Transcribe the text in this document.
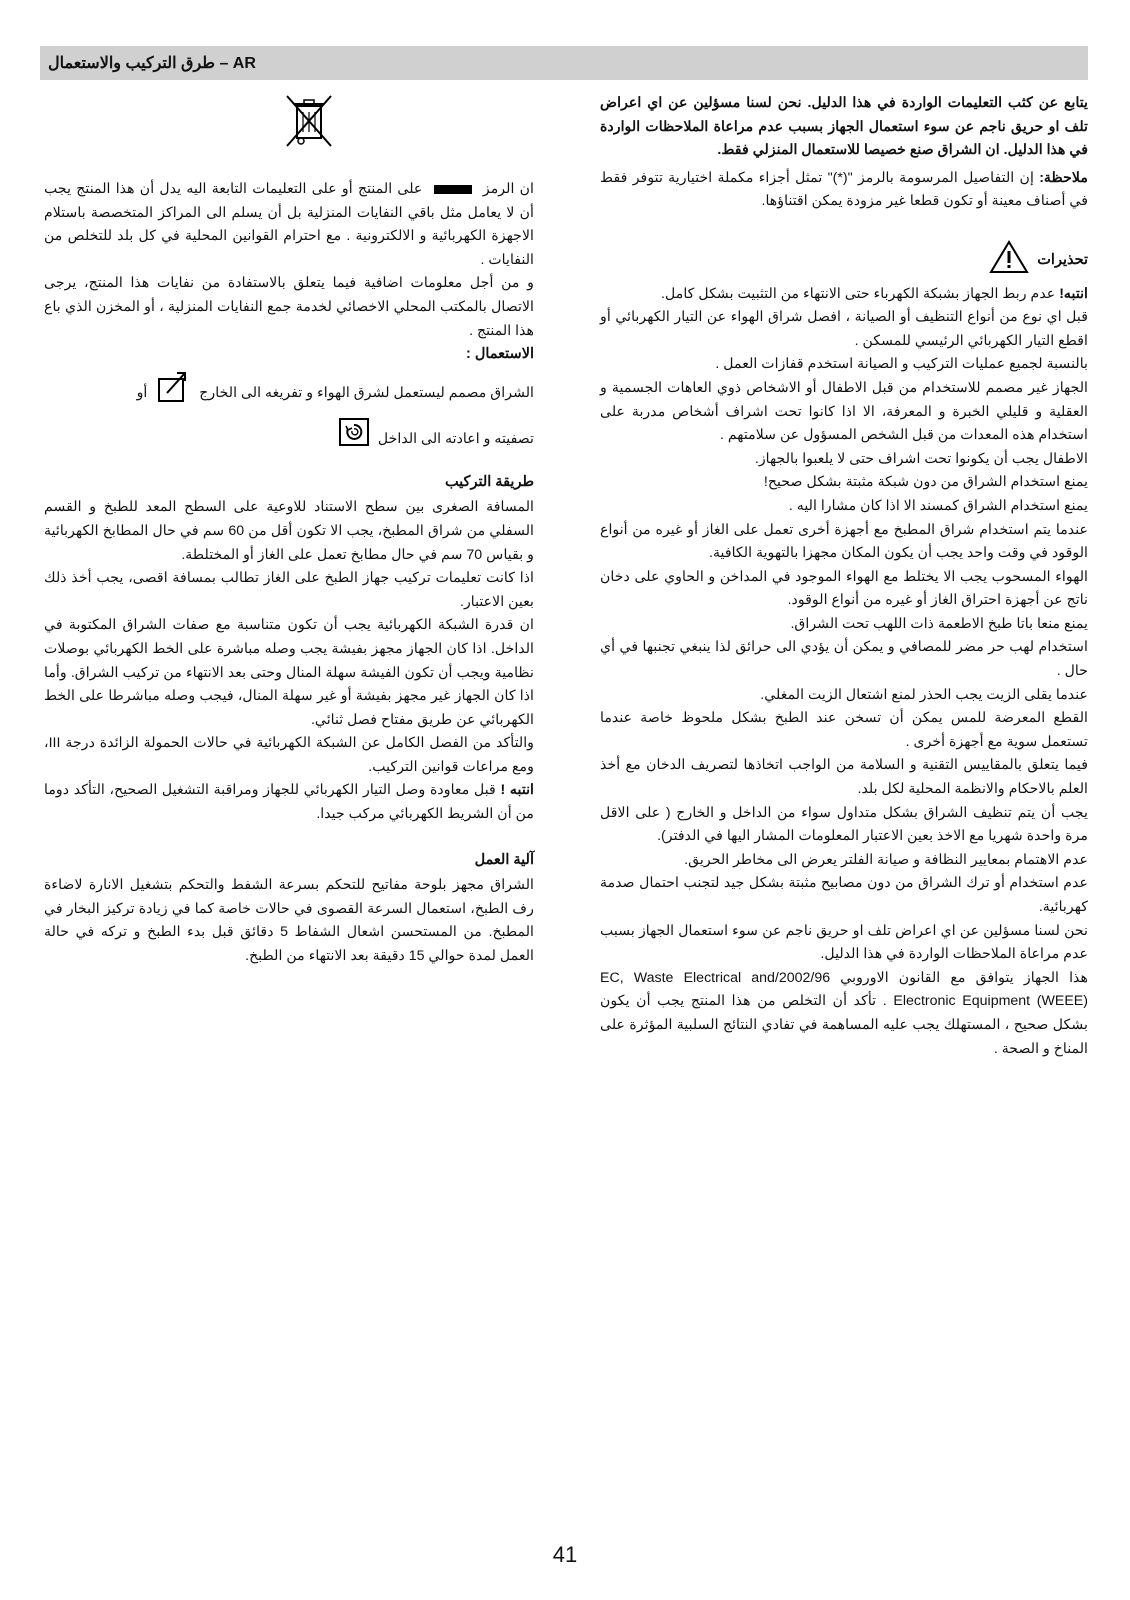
AR – طرق التركيب والاستعمال

يتابع عن كثب التعليمات الواردة في هذا الدليل. نحن لسنا مسؤلين عن اي اعراض تلف او حريق ناجم عن سوء استعمال الجهاز بسبب عدم مراعاة الملاحظات الواردة في هذا الدليل. ان الشراق صنع خصيصا للاستعمال المنزلي فقط.

ملاحظة: إن التفاصيل المرسومة بالرمز "(*)" تمثل أجزاء مكملة اختيارية تتوفر فقط في أصناف معينة أو تكون قطعا غير مزودة يمكن اقتناؤها.

تحذيرات

انتبه! عدم ربط الجهاز بشبكة الكهرباء حتى الانتهاء من التثبيت بشكل كامل.

قبل اي نوع من أنواع التنظيف أو الصيانة ، افصل شراق الهواء عن التيار الكهربائي أو اقطع التيار الكهربائي الرئيسي للمسكن .

بالنسبة لجميع عمليات التركيب و الصيانة استخدم قفازات العمل .

الجهاز غير مصمم للاستخدام من قبل الاطفال أو الاشخاص ذوي العاهات الجسمية و العقلية و قليلي الخبرة و المعرفة، الا اذا كانوا تحت اشراف أشخاص مدربة على استخدام هذه المعدات من قبل الشخص المسؤول عن سلامتهم .

الاطفال يجب أن يكونوا تحت اشراف حتى لا يلعبوا بالجهاز.

يمنع استخدام الشراق من دون شبكة مثبتة بشكل صحيح!

يمنع استخدام الشراق كمسند الا اذا كان مشارا اليه .

عندما يتم استخدام شراق المطبخ مع أجهزة أخرى تعمل على الغاز أو غيره من أنواع الوقود في وقت واحد يجب أن يكون المكان مجهزا بالتهوية الكافية.

الهواء المسحوب يجب الا يختلط مع الهواء الموجود في المداخن و الحاوي على دخان ناتج عن أجهزة احتراق الغاز أو غيره من أنواع الوقود.

يمنع منعا باتا طبخ الاطعمة ذات اللهب تحت الشراق.

استخدام لهب حر مضر للمصافي و يمكن أن يؤدي الى حرائق لذا ينبغي تجنبها في أي حال .

عندما يقلى الزيت يجب الحذر لمنع اشتعال الزيت المغلي.

القطع المعرضة للمس يمكن أن تسخن عند الطبخ بشكل ملحوظ خاصة عندما تستعمل سوية مع أجهزة أخرى .

فيما يتعلق بالمقاييس التقنية و السلامة من الواجب اتخاذها لتصريف الدخان مع أخذ العلم بالاحكام والانظمة المحلية لكل بلد.

يجب أن يتم تنظيف الشراق بشكل متداول سواء من الداخل و الخارج ( على الاقل مرة واحدة شهريا مع الاخذ بعين الاعتبار المعلومات المشار اليها في الدفتر).

عدم الاهتمام بمعايير النظافة و صيانة الفلتر يعرض الى مخاطر الحريق.

عدم استخدام أو ترك الشراق من دون مصابيح مثبتة بشكل جيد لتجنب احتمال صدمة كهربائية.

نحن لسنا مسؤلين عن اي اعراض تلف او حريق ناجم عن سوء استعمال الجهاز بسبب عدم مراعاة الملاحظات الواردة في هذا الدليل.

هذا الجهاز يتوافق مع القانون الاوروبي 2002/96/EC, Waste Electrical and Electronic Equipment (WEEE) . تأكد أن التخلص من هذا المنتج يجب أن يكون بشكل صحيح ، المستهلك يجب عليه المساهمة في تفادي النتائج السلبية المؤثرة على المناخ و الصحة .

ان الرمز  على المنتج أو على التعليمات التابعة اليه يدل أن هذا المنتج يجب أن لا يعامل مثل باقي النفايات المنزلية بل أن يسلم الى المراكز المتخصصة باستلام الاجهزة الكهربائية و الالكترونية . مع احترام القوانين المحلية في كل بلد للتخلص من النفايات .

و من أجل معلومات اضافية فيما يتعلق بالاستفادة من نفايات هذا المنتج، يرجى الاتصال بالمكتب المحلي الاخصائي لخدمة جمع النفايات المنزلية ، أو المخزن الذي باع هذا المنتج .

الاستعمال :

الشراق مصمم ليستعمل لشرق الهواء و تفريغه الى الخارج  أو
تصفيته و اعادته الى الداخل

طريقة التركيب

المسافة الصغرى بين سطح الاستناد للاوعية على السطح المعد للطبخ و القسم السفلي من شراق المطبخ، يجب الا تكون أقل من 60 سم في حال المطابخ الكهربائية و بقياس 70 سم في حال مطابخ تعمل على الغاز أو المختلطة.

اذا كانت تعليمات تركيب جهاز الطبخ على الغاز تطالب بمسافة اقصى، يجب أخذ ذلك بعين الاعتبار.

ان قدرة الشبكة الكهربائية يجب أن تكون متناسبة مع صفات الشراق المكتوبة في الداخل. اذا كان الجهاز مجهز بفيشة يجب وصله مباشرة على الخط الكهربائي بوصلات نظامية ويجب أن تكون الفيشة سهلة المنال وحتى بعد الانتهاء من تركيب الشراق. وأما اذا كان الجهاز غير مجهز بفيشة أو غير سهلة المنال، فيجب وصله مباشرطا على الخط الكهربائي عن طريق مفتاح فصل ثنائي.

والتأكد من الفصل الكامل عن الشبكة الكهربائية في حالات الحمولة الزائدة درجة III، ومع مراعات قوانين التركيب.

انتبه ! قبل معاودة وصل التيار الكهربائي للجهاز ومراقبة التشغيل الصحيح، التأكد دوما من أن الشريط الكهربائي مركب جيدا.

آلية العمل

الشراق مجهز بلوحة مفاتيح للتحكم بسرعة الشفط والتحكم بتشغيل الانارة لاضاءة رف الطبخ، استعمال السرعة القصوى في حالات خاصة كما في زيادة تركيز البخار في المطبخ. من المستحسن اشعال الشفاط 5 دقائق قبل بدء الطبخ و تركه في حالة العمل لمدة حوالي 15 دقيقة بعد الانتهاء من الطبخ.

41
